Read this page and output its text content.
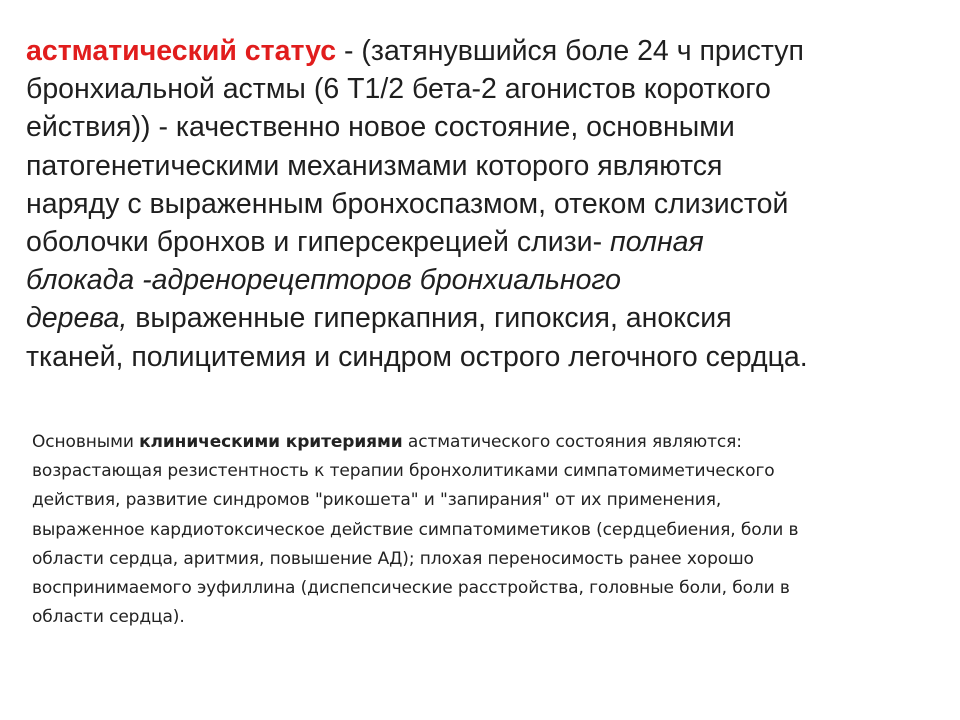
астматический статус - (затянувшийся боле 24 ч приступ
бронхиальной астмы (6 Т1/2 бета-2 агонистов короткого
ействия)) - качественно новое состояние, основными
патогенетическими механизмами которого являются
наряду с выраженным бронхоспазмом, отеком слизистой
оболочки бронхов и гиперсекрецией слизи- полная
блокада -адренорецепторов бронхиального
дерева, выраженные гиперкапния, гипоксия, аноксия
тканей, полицитемия и синдром острого легочного сердца.
Основными клиническими критериями астматического состояния являются:
возрастающая резистентность к терапии бронхолитиками симпатомиметического
действия, развитие синдромов "рикошета" и "запирания" от их применения,
выраженное кардиотоксическое действие симпатомиметиков (сердцебиения, боли в
области сердца, аритмия, повышение АД); плохая переносимость ранее хорошо
воспринимаемого эуфиллина (диспепсические расстройства, головные боли, боли в
области сердца).
